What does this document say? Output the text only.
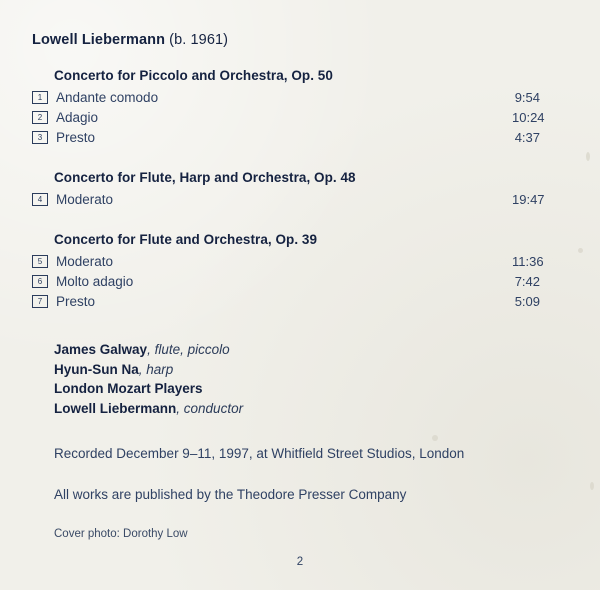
Lowell Liebermann (b. 1961)
Concerto for Piccolo and Orchestra, Op. 50
1	Andante comodo	9:54
2	Adagio	10:24
3	Presto	4:37
Concerto for Flute, Harp and Orchestra, Op. 48
4	Moderato	19:47
Concerto for Flute and Orchestra, Op. 39
5	Moderato	11:36
6	Molto adagio	7:42
7	Presto	5:09
James Galway, flute, piccolo
Hyun-Sun Na, harp
London Mozart Players
Lowell Liebermann, conductor
Recorded December 9–11, 1997, at Whitfield Street Studios, London
All works are published by the Theodore Presser Company
Cover photo: Dorothy Low
2
